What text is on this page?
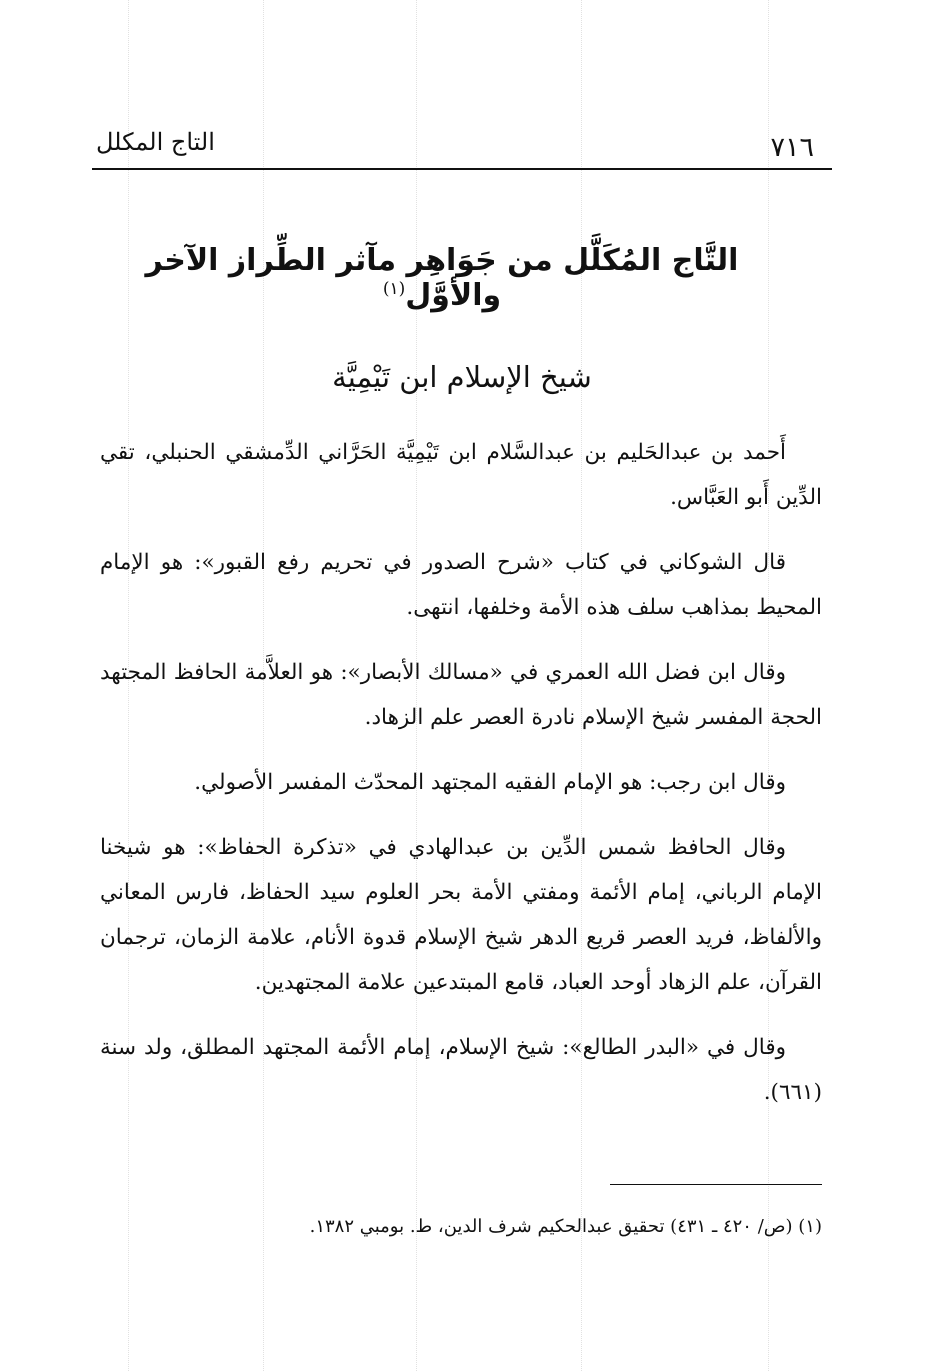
٧١٦
التاج المكلل
التَّاج المُكَلَّل من جَوَاهِر مآثر الطِّراز الآخر والأوَّل$^{(١)}$
شيخ الإسلام ابن تَيْمِيَّة

أَحمد بن عبدالحَليم بن عبدالسَّلام ابن تَيْمِيَّة الحَرَّاني الدِّمشقي الحنبلي، تقي الدِّين أَبو العَبَّاس.

قال الشوكاني في كتاب «شرح الصدور في تحريم رفع القبور»: هو الإمام المحيط بمذاهب سلف هذه الأمة وخلفها، انتهى.

وقال ابن فضل الله العمري في «مسالك الأبصار»: هو العلاَّمة الحافظ المجتهد الحجة المفسر شيخ الإسلام نادرة العصر علم الزهاد.

وقال ابن رجب: هو الإمام الفقيه المجتهد المحدّث المفسر الأصولي.

وقال الحافظ شمس الدِّين بن عبدالهادي في «تذكرة الحفاظ»: هو شيخنا الإمام الرباني، إمام الأئمة ومفتي الأمة بحر العلوم سيد الحفاظ، فارس المعاني والألفاظ، فريد العصر قريع الدهر شيخ الإسلام قدوة الأنام، علامة الزمان، ترجمان القرآن، علم الزهاد أوحد العباد، قامع المبتدعين علامة المجتهدين.

وقال في «البدر الطالع»: شيخ الإسلام، إمام الأئمة المجتهد المطلق، ولد سنة (٦٦١).

(١) (ص/ ٤٢٠ ـ ٤٣١) تحقيق عبدالحكيم شرف الدين، ط. بومبي ١٣٨٢.
